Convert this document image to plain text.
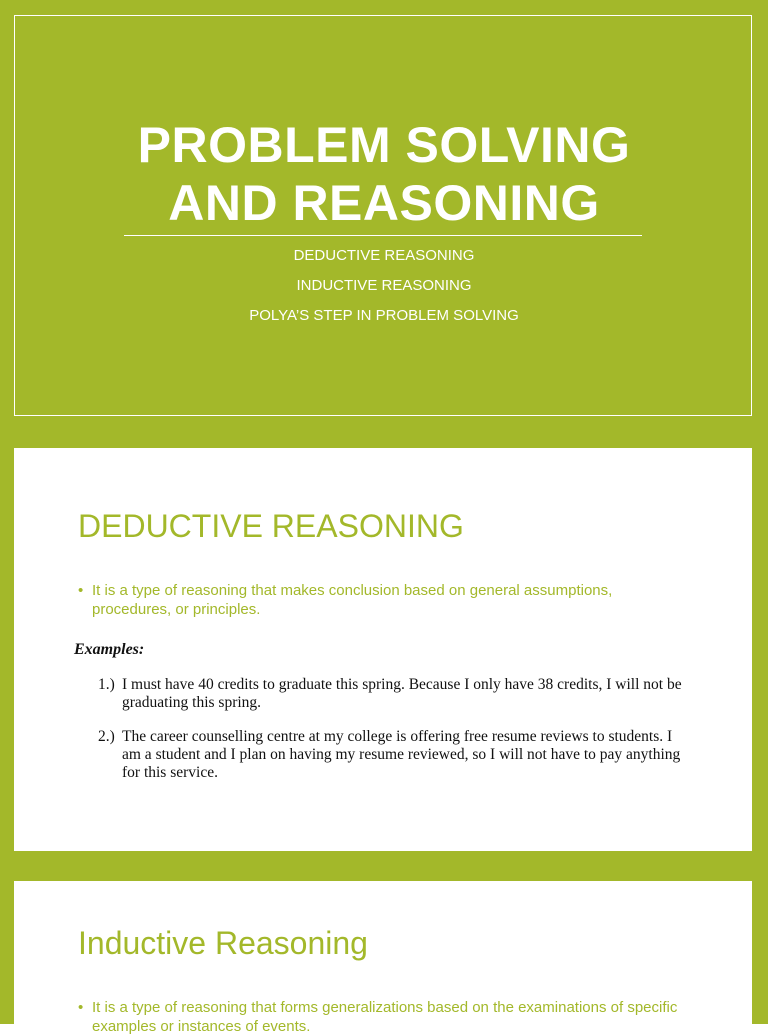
PROBLEM SOLVING
AND REASONING
DEDUCTIVE REASONING
INDUCTIVE REASONING
POLYA’S STEP IN PROBLEM SOLVING
DEDUCTIVE REASONING
• It is a type of reasoning that makes conclusion based on general assumptions, procedures, or principles.
Examples:
1.) I must have 40 credits to graduate this spring. Because I only have 38 credits, I will not be graduating this spring.
2.) The career counselling centre at my college is offering free resume reviews to students. I am a student and I plan on having my resume reviewed, so I will not have to pay anything for this service.
Inductive Reasoning
• It is a type of reasoning that forms generalizations based on the examinations of specific examples or instances of events.
